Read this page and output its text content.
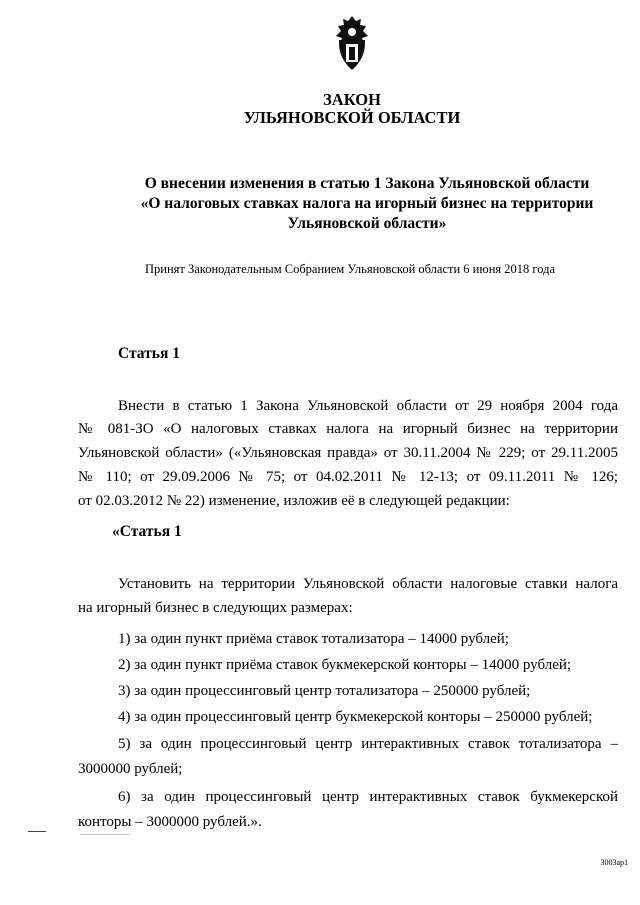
ЗАКОН
УЛЬЯНОВСКОЙ ОБЛАСТИ
О внесении изменения в статью 1 Закона Ульяновской области
«О налоговых ставках налога на игорный бизнес на территории
Ульяновской области»
Принят Законодательным Собранием Ульяновской области 6 июня 2018 года
Статья 1
Внести в статью 1 Закона Ульяновской области от 29 ноября 2004 года
№ 081-ЗО «О налоговых ставках налога на игорный бизнес на территории
Ульяновской области» («Ульяновская правда» от 30.11.2004 № 229; от 29.11.2005
№ 110; от 29.09.2006 № 75; от 04.02.2011 № 12-13; от 09.11.2011 № 126;
от 02.03.2012 № 22) изменение, изложив её в следующей редакции:
«Статья 1
Установить на территории Ульяновской области налоговые ставки налога
на игорный бизнес в следующих размерах:
1) за один пункт приёма ставок тотализатора – 14000 рублей;
2) за один пункт приёма ставок букмекерской конторы – 14000 рублей;
3) за один процессинговый центр тотализатора – 250000 рублей;
4) за один процессинговый центр букмекерской конторы – 250000 рублей;
5) за один процессинговый центр интерактивных ставок тотализатора –
3000000 рублей;
6) за один процессинговый центр интерактивных ставок букмекерской
конторы – 3000000 рублей.».
3003ap1
